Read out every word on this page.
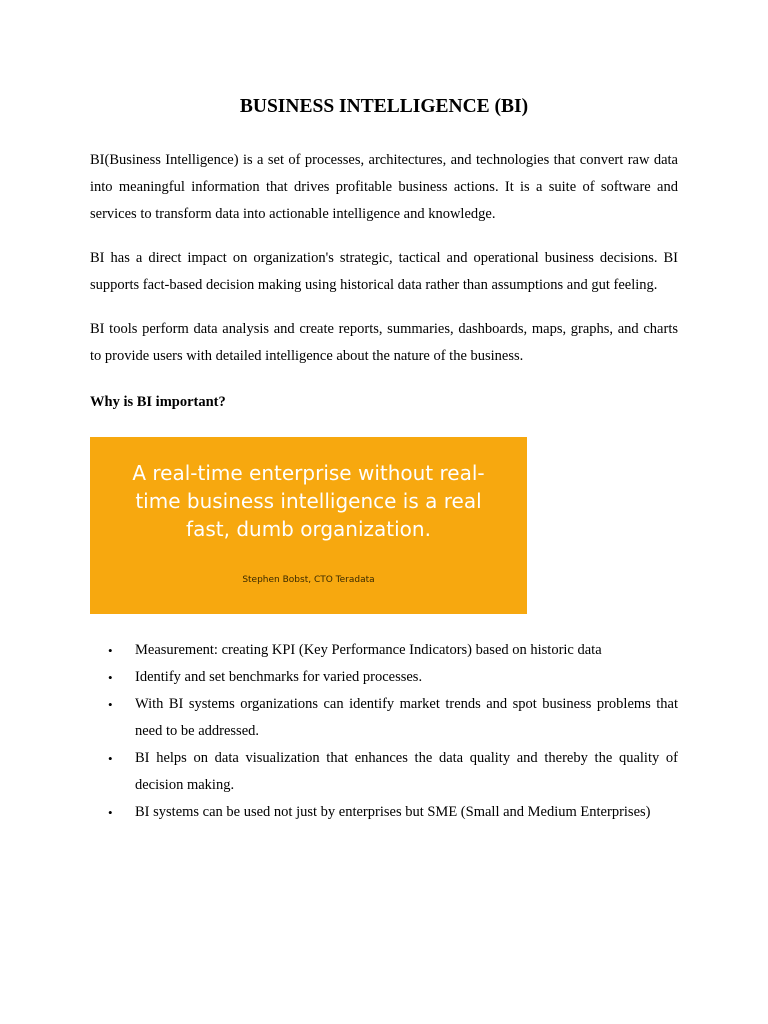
BUSINESS INTELLIGENCE (BI)

BI(Business Intelligence) is a set of processes, architectures, and technologies that convert raw data into meaningful information that drives profitable business actions. It is a suite of software and services to transform data into actionable intelligence and knowledge.

BI has a direct impact on organization's strategic, tactical and operational business decisions. BI supports fact-based decision making using historical data rather than assumptions and gut feeling.

BI tools perform data analysis and create reports, summaries, dashboards, maps, graphs, and charts to provide users with detailed intelligence about the nature of the business.

Why is BI important?
A real-time enterprise without real-time business intelligence is a real fast, dumb organization.
Stephen Bobst, CTO Teradata
• Measurement: creating KPI (Key Performance Indicators) based on historic data
• Identify and set benchmarks for varied processes.
• With BI systems organizations can identify market trends and spot business problems that need to be addressed.
• BI helps on data visualization that enhances the data quality and thereby the quality of decision making.
• BI systems can be used not just by enterprises but SME (Small and Medium Enterprises)
